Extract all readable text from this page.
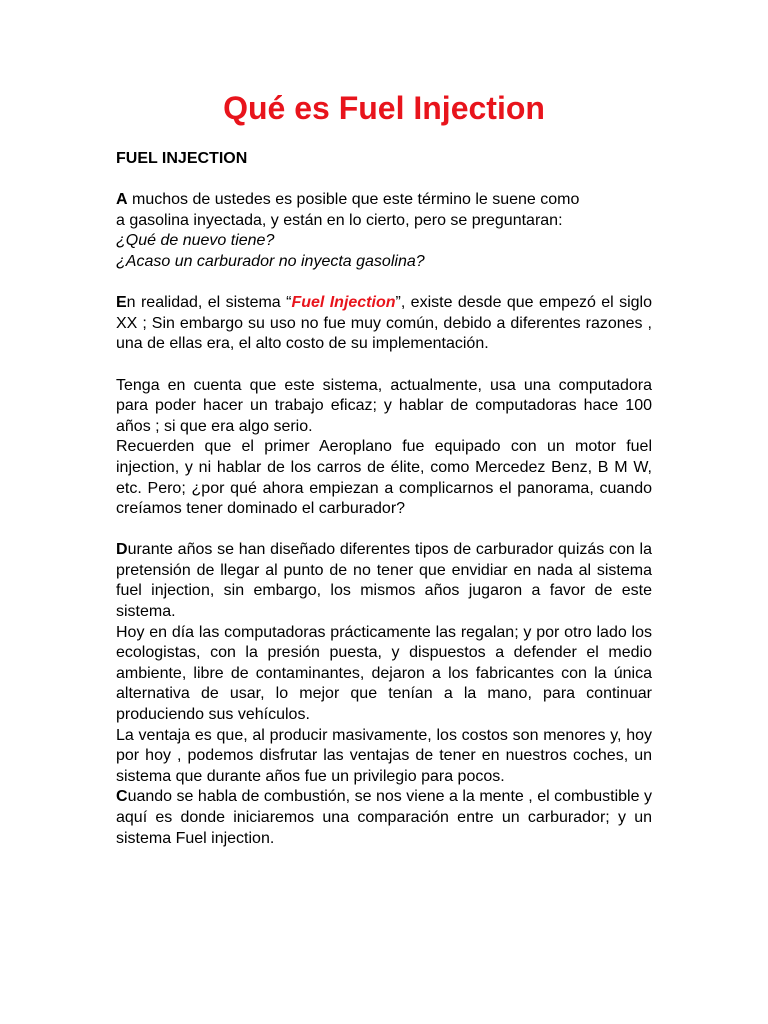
Qué es Fuel Injection

FUEL INJECTION

A muchos de ustedes es posible que este término le suene como
a gasolina inyectada, y están en lo cierto, pero se preguntaran:
¿Qué de nuevo tiene?
¿Acaso un carburador no inyecta gasolina?

En realidad, el sistema “Fuel Injection”, existe desde que empezó el siglo XX ; Sin embargo su uso no fue muy común, debido a diferentes razones , una de ellas era, el alto costo de su implementación.

Tenga en cuenta que este sistema, actualmente, usa una computadora para poder hacer un trabajo eficaz; y hablar de computadoras hace 100 años ; si que era algo serio.

Recuerden que el primer Aeroplano fue equipado con un motor fuel injection, y ni hablar de los carros de élite, como Mercedez Benz, B M W, etc. Pero; ¿por qué ahora empiezan a complicarnos el panorama, cuando creíamos tener dominado el carburador?

Durante años se han diseñado diferentes tipos de carburador quizás con la pretensión de llegar al punto de no tener que envidiar en nada al sistema fuel injection, sin embargo, los mismos años jugaron a favor de este sistema.

Hoy en día las computadoras prácticamente las regalan; y por otro lado los ecologistas, con la presión puesta, y dispuestos a defender el medio ambiente, libre de contaminantes, dejaron a los fabricantes con la única alternativa de usar, lo mejor que tenían a la mano, para continuar produciendo sus vehículos.

La ventaja es que, al producir masivamente, los costos son menores y, hoy por hoy , podemos disfrutar las ventajas de tener en nuestros coches, un sistema que durante años fue un privilegio para pocos.

Cuando se habla de combustión, se nos viene a la mente , el combustible y aquí es donde iniciaremos una comparación entre un carburador; y un sistema Fuel injection.
